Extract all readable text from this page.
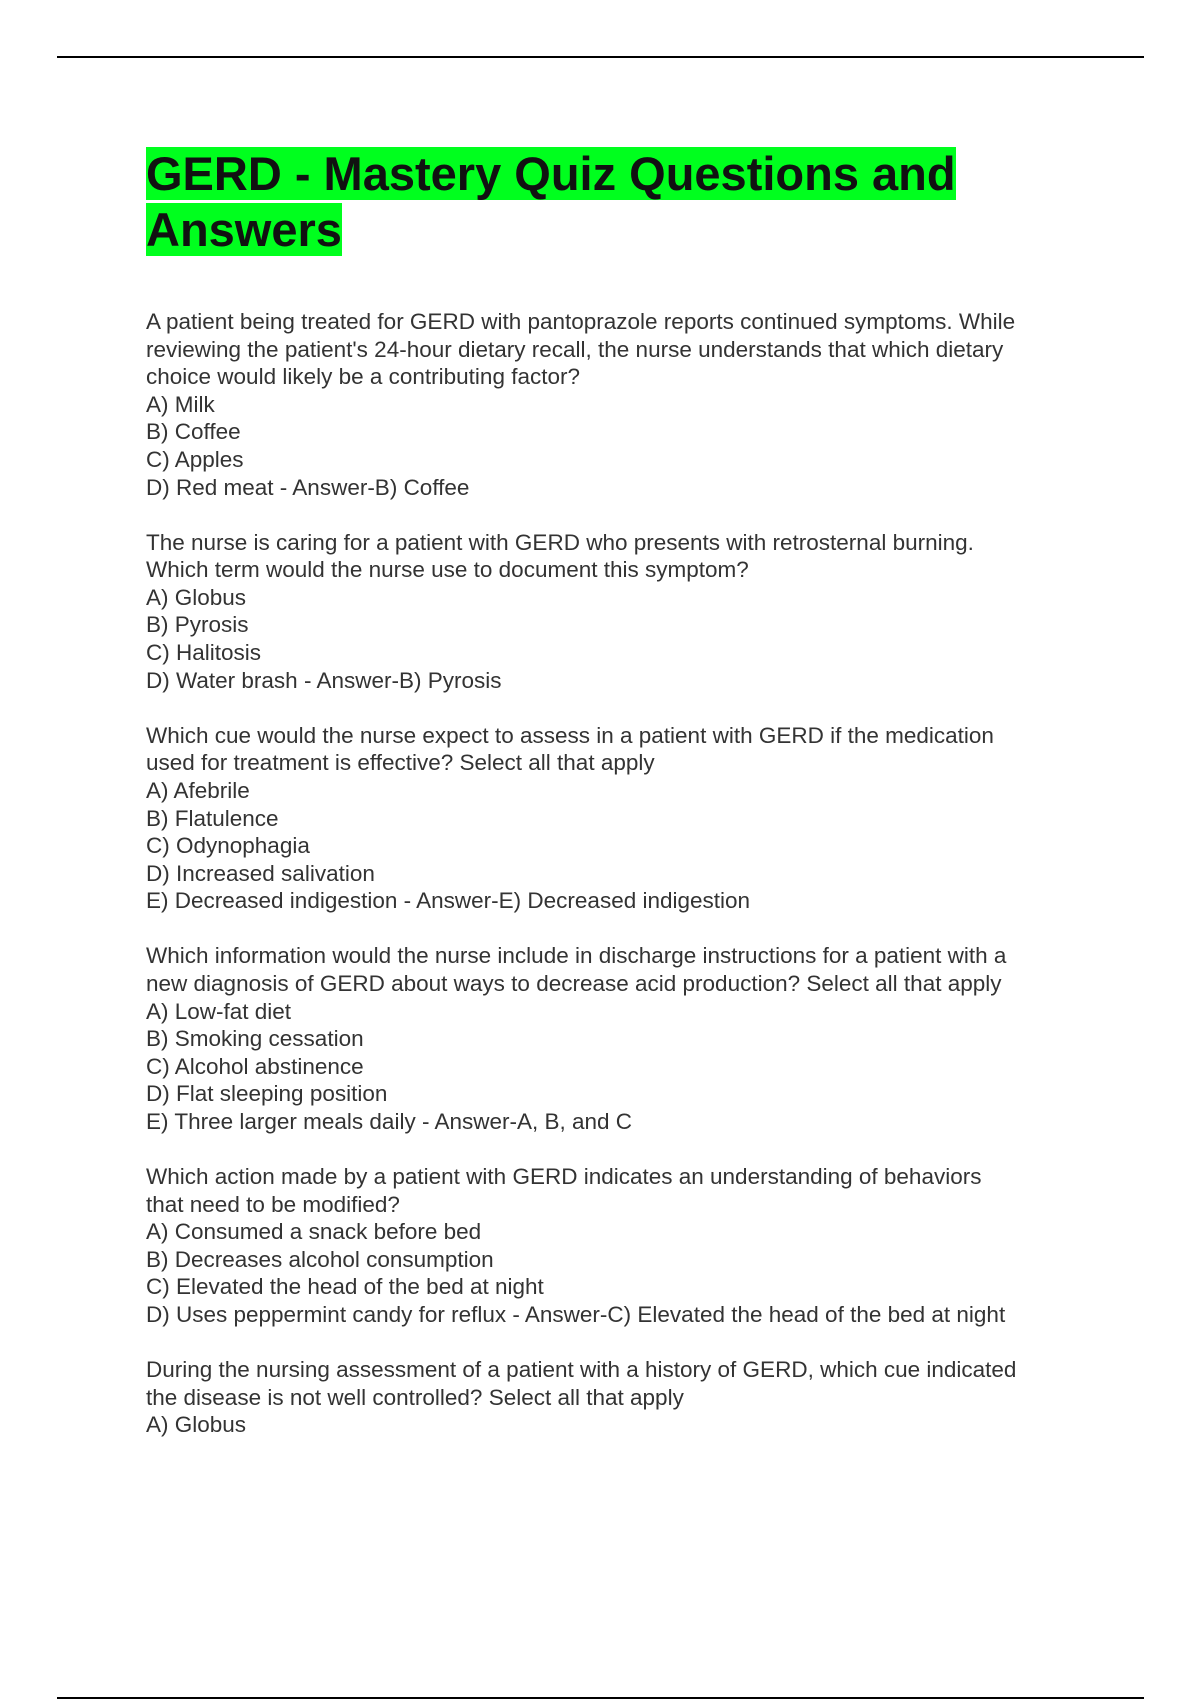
GERD - Mastery Quiz Questions and Answers
A patient being treated for GERD with pantoprazole reports continued symptoms. While
reviewing the patient's 24-hour dietary recall, the nurse understands that which dietary
choice would likely be a contributing factor?
A) Milk
B) Coffee
C) Apples
D) Red meat - Answer-B) Coffee
The nurse is caring for a patient with GERD who presents with retrosternal burning.
Which term would the nurse use to document this symptom?
A) Globus
B) Pyrosis
C) Halitosis
D) Water brash - Answer-B) Pyrosis
Which cue would the nurse expect to assess in a patient with GERD if the medication
used for treatment is effective? Select all that apply
A) Afebrile
B) Flatulence
C) Odynophagia
D) Increased salivation
E) Decreased indigestion - Answer-E) Decreased indigestion
Which information would the nurse include in discharge instructions for a patient with a
new diagnosis of GERD about ways to decrease acid production? Select all that apply
A) Low-fat diet
B) Smoking cessation
C) Alcohol abstinence
D) Flat sleeping position
E) Three larger meals daily - Answer-A, B, and C
Which action made by a patient with GERD indicates an understanding of behaviors
that need to be modified?
A) Consumed a snack before bed
B) Decreases alcohol consumption
C) Elevated the head of the bed at night
D) Uses peppermint candy for reflux - Answer-C) Elevated the head of the bed at night
During the nursing assessment of a patient with a history of GERD, which cue indicated
the disease is not well controlled? Select all that apply
A) Globus
